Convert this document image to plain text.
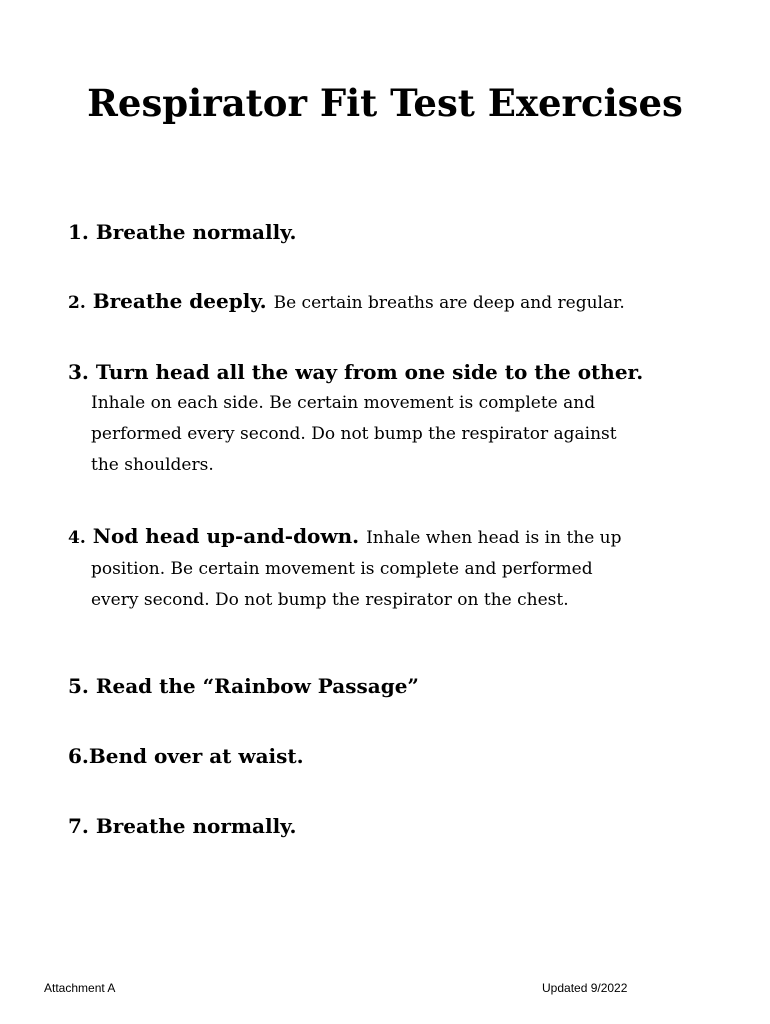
Respirator Fit Test Exercises
1. Breathe normally.
2. Breathe deeply. Be certain breaths are deep and regular.
3. Turn head all the way from one side to the other.
Inhale on each side. Be certain movement is complete and
performed every second. Do not bump the respirator against
the shoulders.
4. Nod head up-and-down. Inhale when head is in the up
position. Be certain movement is complete and performed
every second. Do not bump the respirator on the chest.
5. Read the “Rainbow Passage”
6.Bend over at waist.
7. Breathe normally.
Attachment A	Updated 9/2022
